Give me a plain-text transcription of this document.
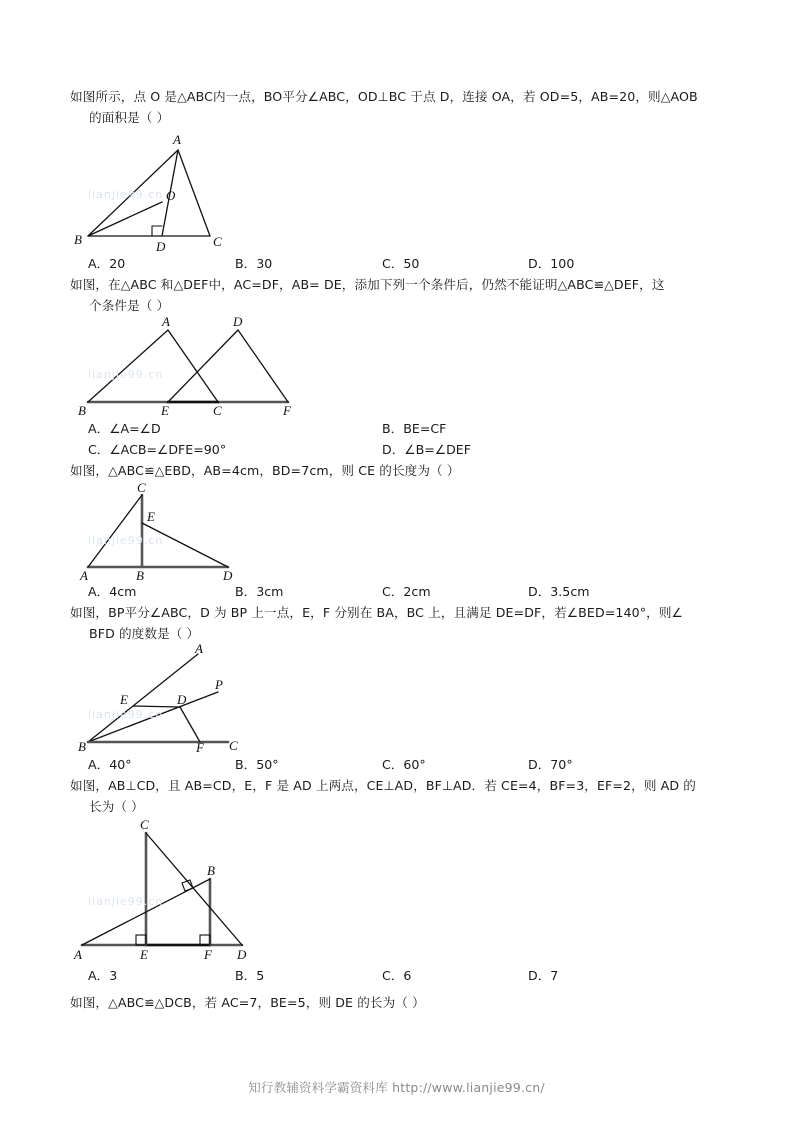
如图所示，点 O 是△ABC内一点，BO平分∠ABC，OD⊥BC 于点 D，连接 OA，若 OD=5，AB=20，则△AOB
的面积是（ ）
lianjie99.cn
A
O
B	D	C
A．20	B．30	C．50	D．100
如图，在△ABC 和△DEF中，AC=DF，AB= DE，添加下列一个条件后，仍然不能证明△ABC≌△DEF，这
个条件是（ ）
lianjie99.cn
A	D
B	E	C	F
A．∠A=∠D	B．BE=CF
C．∠ACB=∠DFE=90°	D．∠B=∠DEF
如图，△ABC≌△EBD，AB=4cm，BD=7cm，则 CE 的长度为（ ）
lianjie99.cn
C
E
A	B	D
A．4cm	B．3cm	C．2cm	D．3.5cm
如图，BP平分∠ABC，D 为 BP 上一点，E，F 分别在 BA，BC 上，且满足 DE=DF，若∠BED=140°，则∠
BFD 的度数是（ ）
lianjie99.cn
A
P
E	D
B	F C
A．40°	B．50°	C．60°	D．70°
如图，AB⊥CD，且 AB=CD，E，F 是 AD 上两点，CE⊥AD，BF⊥AD．若 CE=4，BF=3，EF=2，则 AD 的
长为（ ）
lianjie99.cn
C
B
A	E	F D
A．3	B．5	C．6	D．7
如图，△ABC≌△DCB，若 AC=7，BE=5，则 DE 的长为（ ）
知行教辅资料学霸资料库 http://www.lianjie99.cn/
